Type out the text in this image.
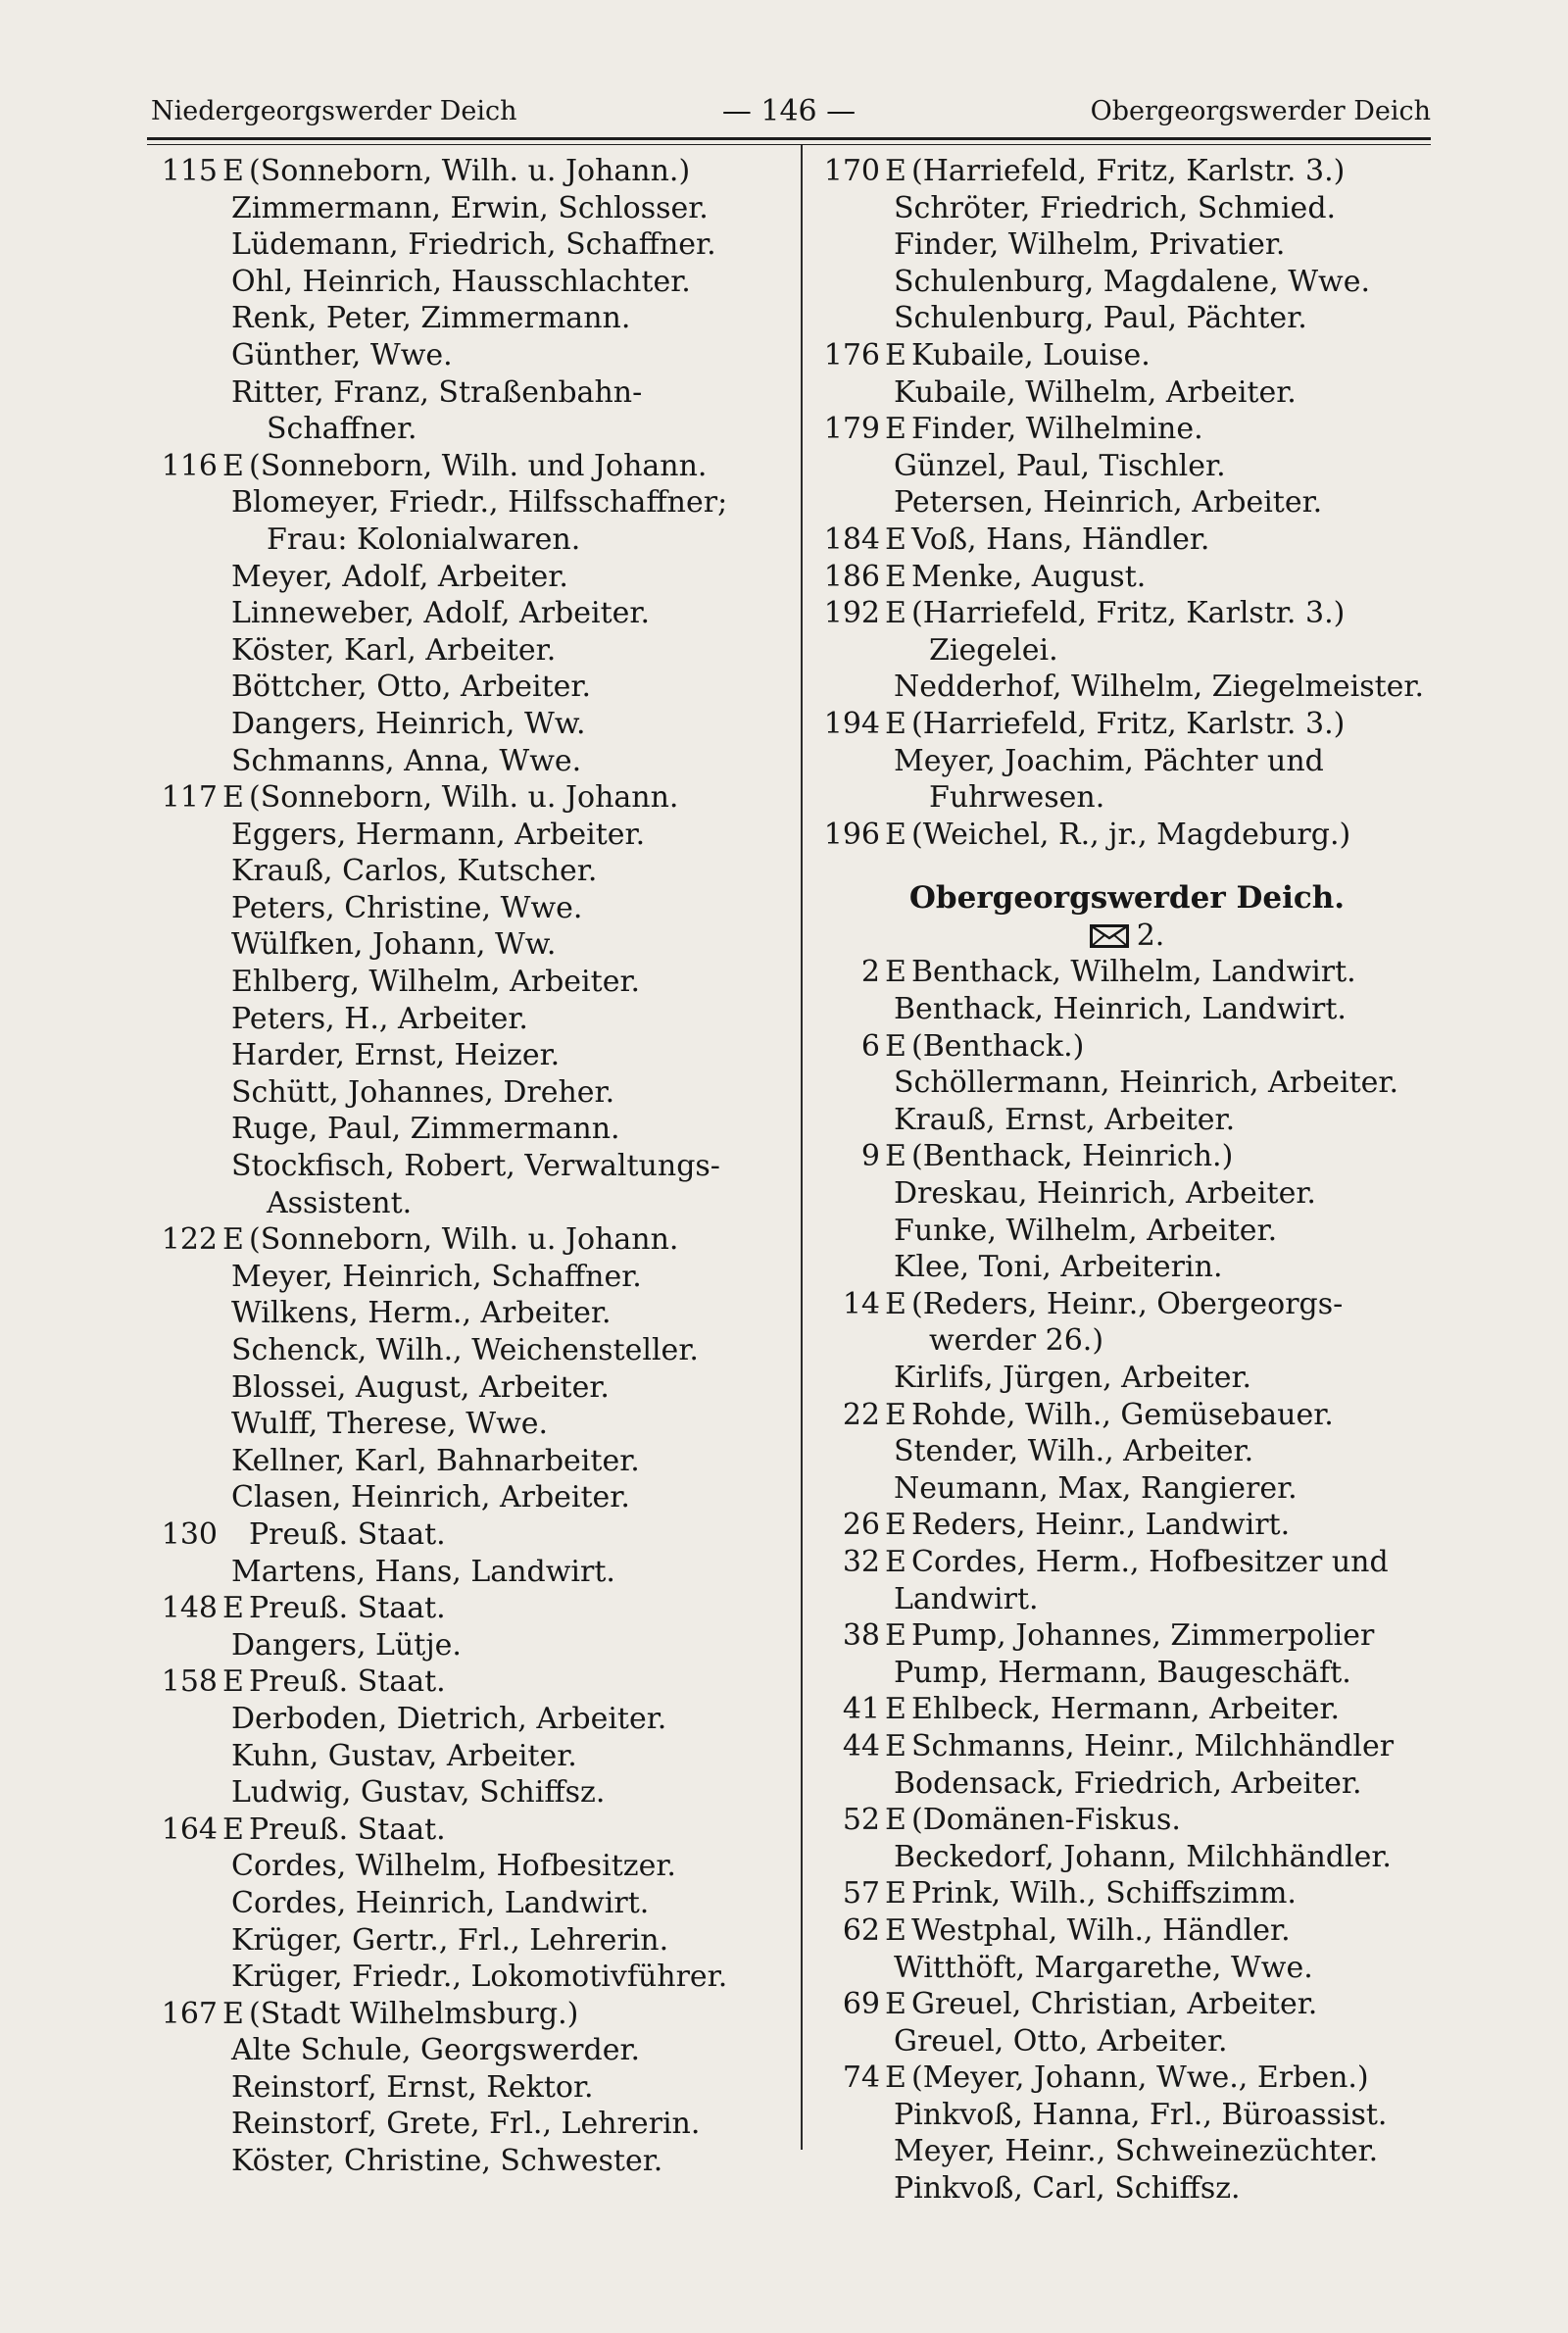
Niedergeorgswerder Deich	— 146 —	Obergeorgswerder Deich
115 E (Sonneborn, Wilh. u. Johann.)
Zimmermann, Erwin, Schlosser.
Lüdemann, Friedrich, Schaffner.
Ohl, Heinrich, Hausschlachter.
Renk, Peter, Zimmermann.
Günther, Wwe.
Ritter, Franz, Straßenbahn-
Schaffner.
116 E (Sonneborn, Wilh. und Johann.
Blomeyer, Friedr., Hilfsschaffner;
Frau: Kolonialwaren.
Meyer, Adolf, Arbeiter.
Linneweber, Adolf, Arbeiter.
Köster, Karl, Arbeiter.
Böttcher, Otto, Arbeiter.
Dangers, Heinrich, Ww.
Schmanns, Anna, Wwe.
117 E (Sonneborn, Wilh. u. Johann.
Eggers, Hermann, Arbeiter.
Krauß, Carlos, Kutscher.
Peters, Christine, Wwe.
Wülfken, Johann, Ww.
Ehlberg, Wilhelm, Arbeiter.
Peters, H., Arbeiter.
Harder, Ernst, Heizer.
Schütt, Johannes, Dreher.
Ruge, Paul, Zimmermann.
Stockfisch, Robert, Verwaltungs-
Assistent.
122 E (Sonneborn, Wilh. u. Johann.
Meyer, Heinrich, Schaffner.
Wilkens, Herm., Arbeiter.
Schenck, Wilh., Weichensteller.
Blossei, August, Arbeiter.
Wulff, Therese, Wwe.
Kellner, Karl, Bahnarbeiter.
Clasen, Heinrich, Arbeiter.
130 Preuß. Staat.
Martens, Hans, Landwirt.
148 E Preuß. Staat.
Dangers, Lütje.
158 E Preuß. Staat.
Derboden, Dietrich, Arbeiter.
Kuhn, Gustav, Arbeiter.
Ludwig, Gustav, Schiffsz.
164 E Preuß. Staat.
Cordes, Wilhelm, Hofbesitzer.
Cordes, Heinrich, Landwirt.
Krüger, Gertr., Frl., Lehrerin.
Krüger, Friedr., Lokomotivführer.
167 E (Stadt Wilhelmsburg.)
Alte Schule, Georgswerder.
Reinstorf, Ernst, Rektor.
Reinstorf, Grete, Frl., Lehrerin.
Köster, Christine, Schwester.
170 E (Harriefeld, Fritz, Karlstr. 3.)
Schröter, Friedrich, Schmied.
Finder, Wilhelm, Privatier.
Schulenburg, Magdalene, Wwe.
Schulenburg, Paul, Pächter.
176 E Kubaile, Louise.
Kubaile, Wilhelm, Arbeiter.
179 E Finder, Wilhelmine.
Günzel, Paul, Tischler.
Petersen, Heinrich, Arbeiter.
184 E Voß, Hans, Händler.
186 E Menke, August.
192 E (Harriefeld, Fritz, Karlstr. 3.)
Ziegelei.
Nedderhof, Wilhelm, Ziegelmeister.
194 E (Harriefeld, Fritz, Karlstr. 3.)
Meyer, Joachim, Pächter und
Fuhrwesen.
196 E (Weichel, R., jr., Magdeburg.)
Obergeorgswerder Deich.
2.
2 E Benthack, Wilhelm, Landwirt.
Benthack, Heinrich, Landwirt.
6 E (Benthack.)
Schöllermann, Heinrich, Arbeiter.
Krauß, Ernst, Arbeiter.
9 E (Benthack, Heinrich.)
Dreskau, Heinrich, Arbeiter.
Funke, Wilhelm, Arbeiter.
Klee, Toni, Arbeiterin.
14 E (Reders, Heinr., Obergeorgs-
werder 26.)
Kirlifs, Jürgen, Arbeiter.
22 E Rohde, Wilh., Gemüsebauer.
Stender, Wilh., Arbeiter.
Neumann, Max, Rangierer.
26 E Reders, Heinr., Landwirt.
32 E Cordes, Herm., Hofbesitzer und
Landwirt.
38 E Pump, Johannes, Zimmerpolier
Pump, Hermann, Baugeschäft.
41 E Ehlbeck, Hermann, Arbeiter.
44 E Schmanns, Heinr., Milchhändler
Bodensack, Friedrich, Arbeiter.
52 E (Domänen-Fiskus.
Beckedorf, Johann, Milchhändler.
57 E Prink, Wilh., Schiffszimm.
62 E Westphal, Wilh., Händler.
Witthöft, Margarethe, Wwe.
69 E Greuel, Christian, Arbeiter.
Greuel, Otto, Arbeiter.
74 E (Meyer, Johann, Wwe., Erben.)
Pinkvoß, Hanna, Frl., Büroassist.
Meyer, Heinr., Schweinezüchter.
Pinkvoß, Carl, Schiffsz.
